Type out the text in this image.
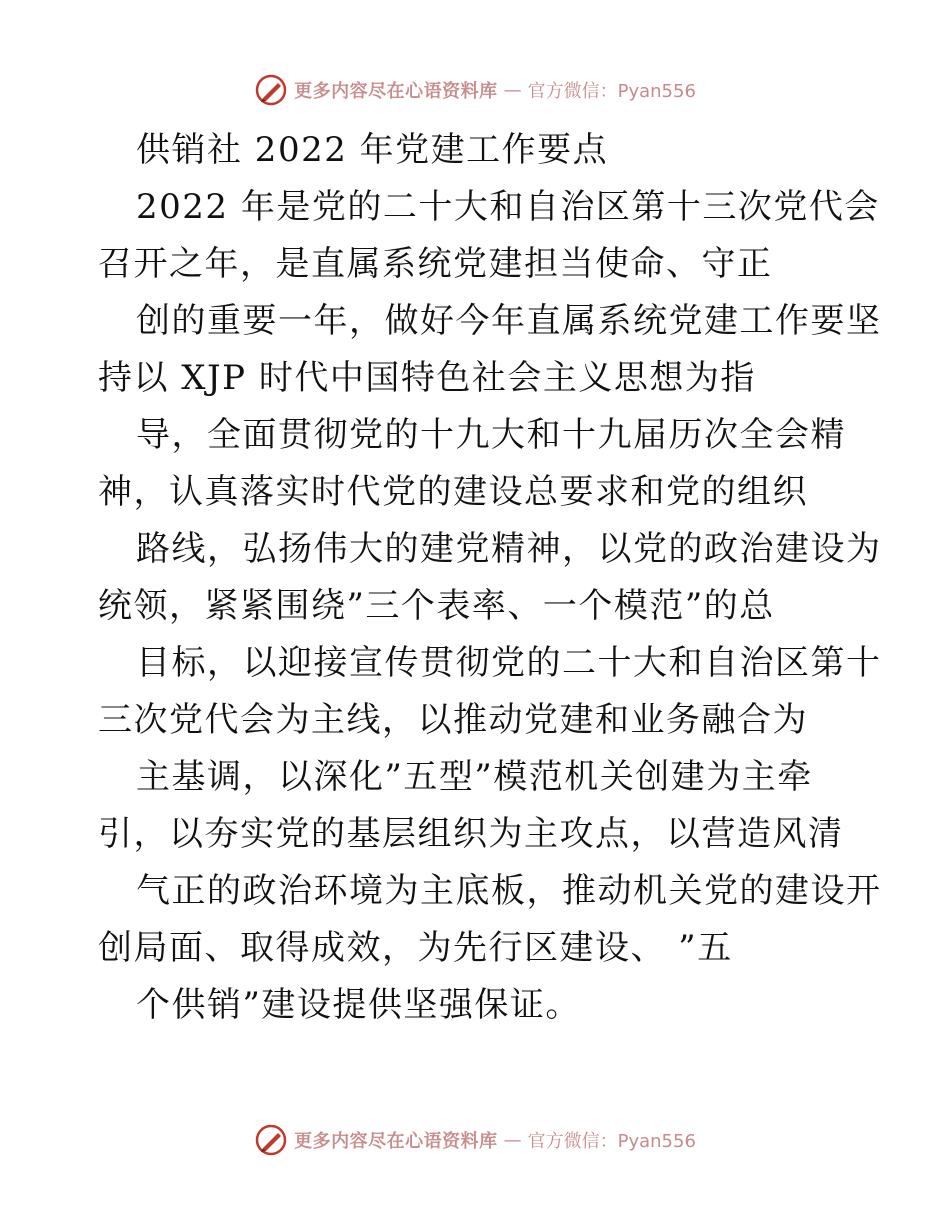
更多内容尽在心语资料库 — 官方微信：Pyan556
供销社 2022 年党建工作要点
2022 年是党的二十大和自治区第十三次党代会
召开之年，是直属系统党建担当使命、守正
创的重要一年，做好今年直属系统党建工作要坚
持以 XJP 时代中国特色社会主义思想为指
导，全面贯彻党的十九大和十九届历次全会精
神，认真落实时代党的建设总要求和党的组织
路线，弘扬伟大的建党精神，以党的政治建设为
统领，紧紧围绕”三个表率、一个模范”的总
目标，以迎接宣传贯彻党的二十大和自治区第十
三次党代会为主线，以推动党建和业务融合为
主基调，以深化”五型”模范机关创建为主牵
引，以夯实党的基层组织为主攻点，以营造风清
气正的政治环境为主底板，推动机关党的建设开
创局面、取得成效，为先行区建设、 ”五
个供销”建设提供坚强保证。
更多内容尽在心语资料库 — 官方微信：Pyan556
